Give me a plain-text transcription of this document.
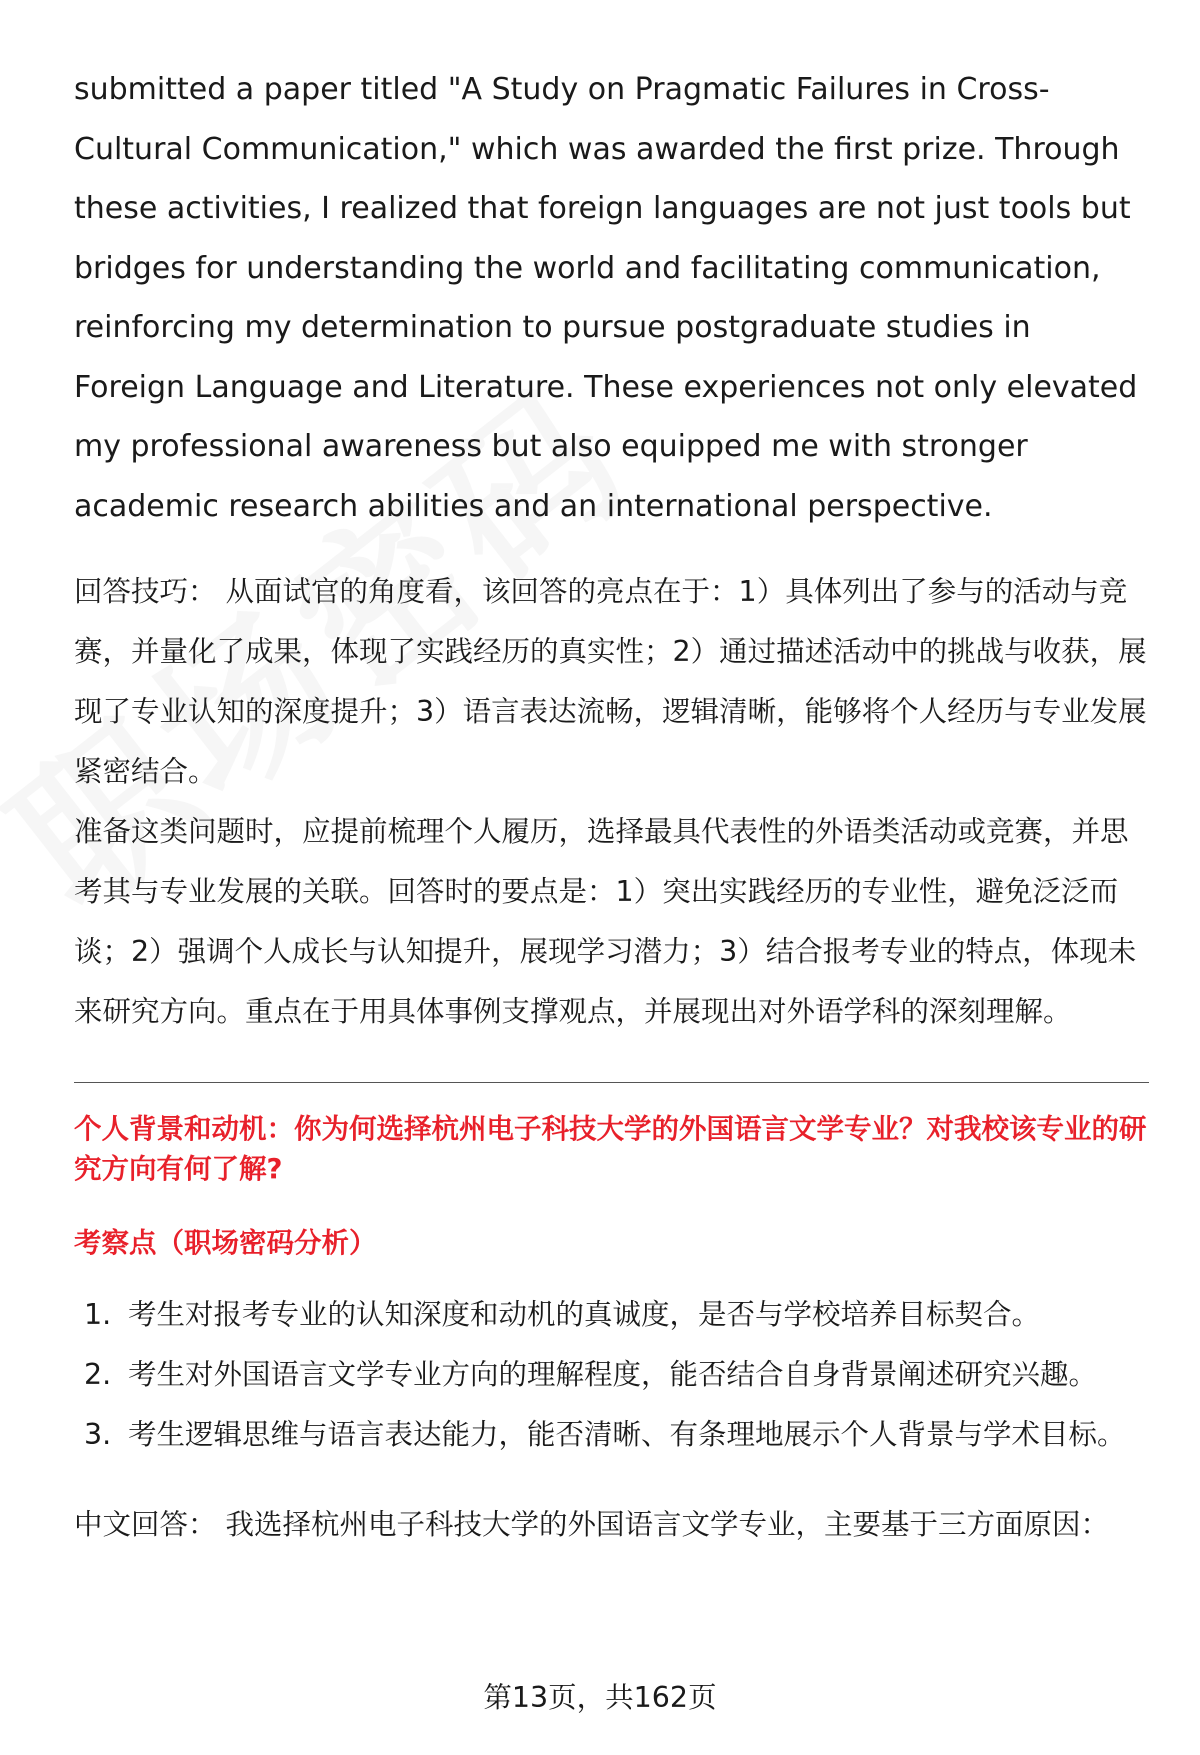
submitted a paper titled "A Study on Pragmatic Failures in Cross-Cultural Communication," which was awarded the first prize. Through these activities, I realized that foreign languages are not just tools but bridges for understanding the world and facilitating communication, reinforcing my determination to pursue postgraduate studies in Foreign Language and Literature. These experiences not only elevated my professional awareness but also equipped me with stronger academic research abilities and an international perspective.

回答技巧： 从面试官的角度看，该回答的亮点在于：1）具体列出了参与的活动与竞赛，并量化了成果，体现了实践经历的真实性；2）通过描述活动中的挑战与收获，展现了专业认知的深度提升；3）语言表达流畅，逻辑清晰，能够将个人经历与专业发展紧密结合。

准备这类问题时，应提前梳理个人履历，选择最具代表性的外语类活动或竞赛，并思考其与专业发展的关联。回答时的要点是：1）突出实践经历的专业性，避免泛泛而谈；2）强调个人成长与认知提升，展现学习潜力；3）结合报考专业的特点，体现未来研究方向。重点在于用具体事例支撑观点，并展现出对外语学科的深刻理解。

个人背景和动机：你为何选择杭州电子科技大学的外国语言文学专业？对我校该专业的研究方向有何了解?

考察点（职场密码分析）

1. 考生对报考专业的认知深度和动机的真诚度，是否与学校培养目标契合。
2. 考生对外国语言文学专业方向的理解程度，能否结合自身背景阐述研究兴趣。
3. 考生逻辑思维与语言表达能力，能否清晰、有条理地展示个人背景与学术目标。

中文回答： 我选择杭州电子科技大学的外国语言文学专业，主要基于三方面原因：

第13页，共162页
